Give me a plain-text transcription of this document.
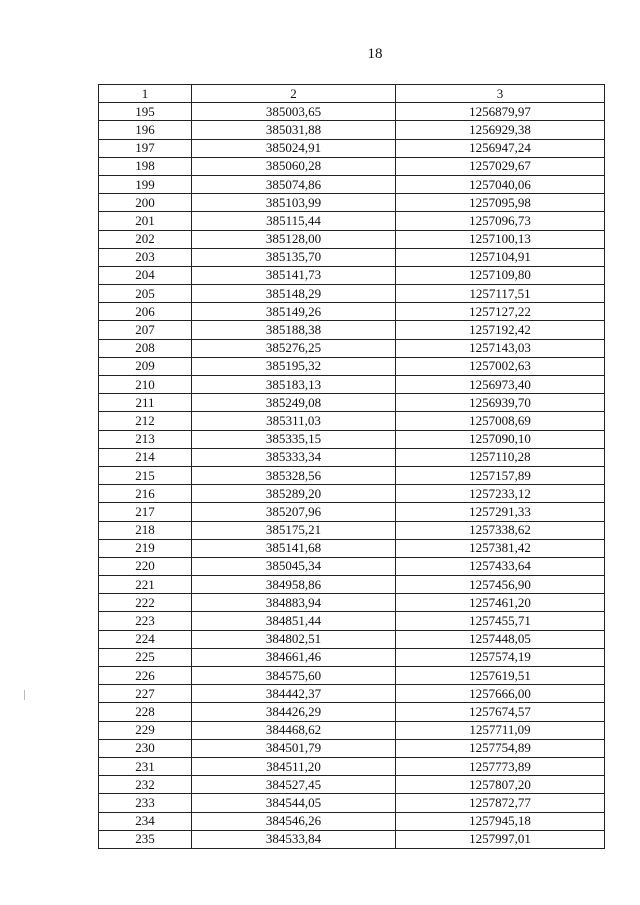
18
1	2	3
195	385003,65	1256879,97
196	385031,88	1256929,38
197	385024,91	1256947,24
198	385060,28	1257029,67
199	385074,86	1257040,06
200	385103,99	1257095,98
201	385115,44	1257096,73
202	385128,00	1257100,13
203	385135,70	1257104,91
204	385141,73	1257109,80
205	385148,29	1257117,51
206	385149,26	1257127,22
207	385188,38	1257192,42
208	385276,25	1257143,03
209	385195,32	1257002,63
210	385183,13	1256973,40
211	385249,08	1256939,70
212	385311,03	1257008,69
213	385335,15	1257090,10
214	385333,34	1257110,28
215	385328,56	1257157,89
216	385289,20	1257233,12
217	385207,96	1257291,33
218	385175,21	1257338,62
219	385141,68	1257381,42
220	385045,34	1257433,64
221	384958,86	1257456,90
222	384883,94	1257461,20
223	384851,44	1257455,71
224	384802,51	1257448,05
225	384661,46	1257574,19
226	384575,60	1257619,51
227	384442,37	1257666,00
228	384426,29	1257674,57
229	384468,62	1257711,09
230	384501,79	1257754,89
231	384511,20	1257773,89
232	384527,45	1257807,20
233	384544,05	1257872,77
234	384546,26	1257945,18
235	384533,84	1257997,01
